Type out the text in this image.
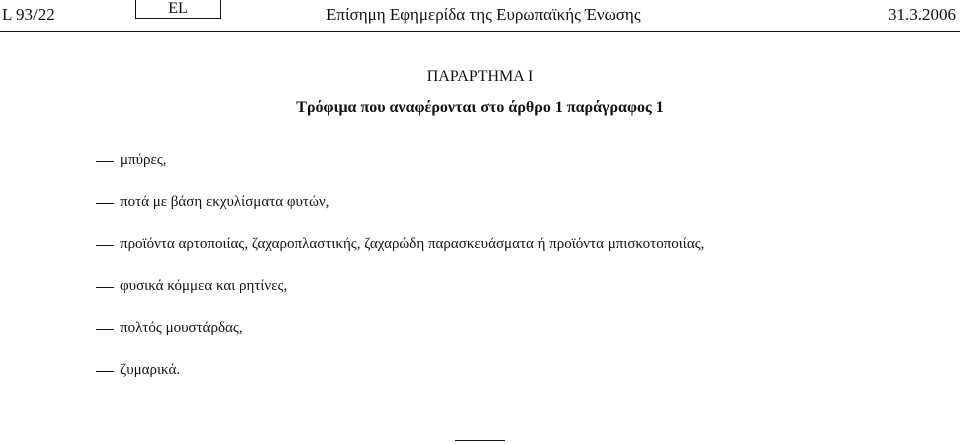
L 93/22	EL	Επίσημη Εφημερίδα της Ευρωπαϊκής Ένωσης	31.3.2006
ΠΑΡΑΡΤΗΜΑ I
Τρόφιμα που αναφέρονται στο άρθρο 1 παράγραφος 1
μπύρες,
ποτά με βάση εκχυλίσματα φυτών,
προϊόντα αρτοποιίας, ζαχαροπλαστικής, ζαχαρώδη παρασκευάσματα ή προϊόντα μπισκοτοποιίας,
φυσικά κόμμεα και ρητίνες,
πολτός μουστάρδας,
ζυμαρικά.
